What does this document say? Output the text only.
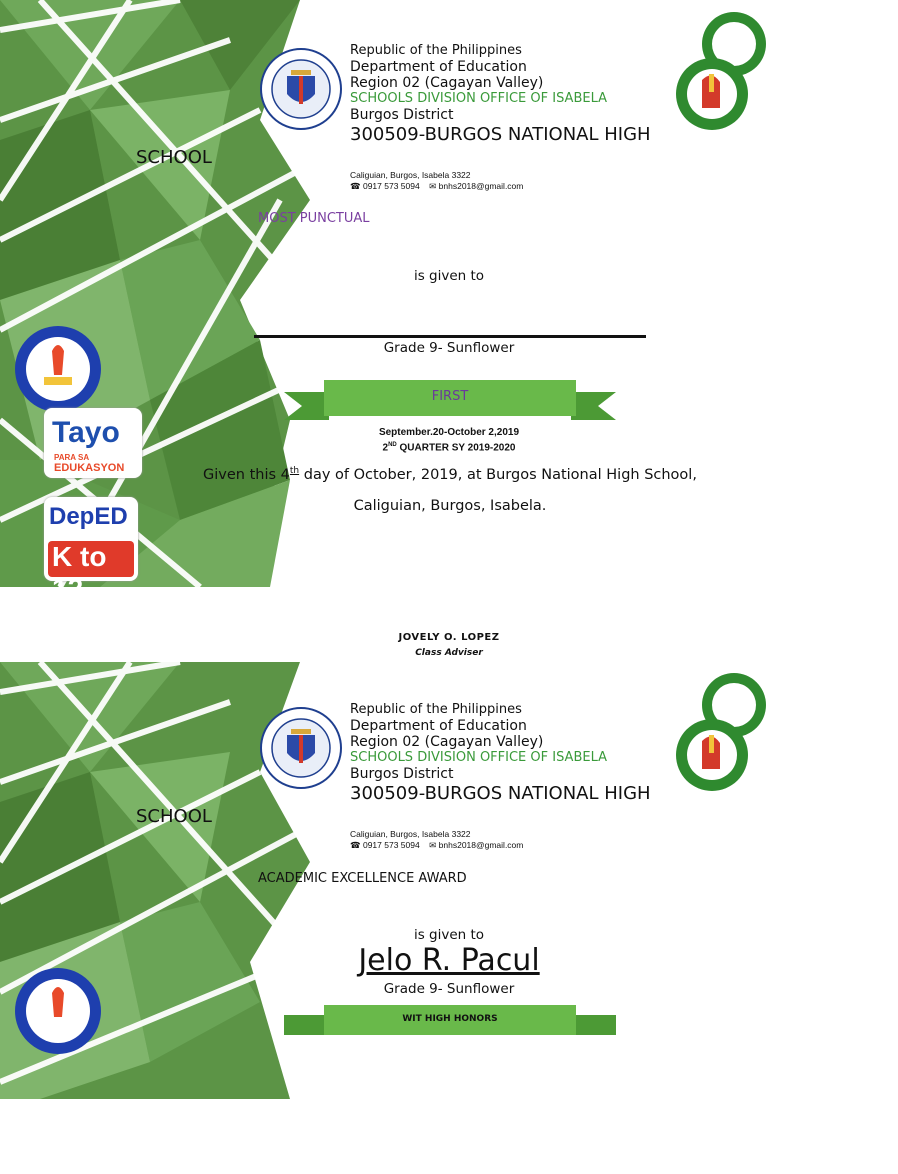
Republic of the Philippines
Department of Education
Region 02 (Cagayan Valley)
SCHOOLS DIVISION OFFICE OF ISABELA
Burgos District
300509-BURGOS NATIONAL HIGH
SCHOOL
Caliguian, Burgos, Isabela 3322
☎ 0917 573 5094 ✉ bnhs2018@gmail.com
MOST PUNCTUAL
is given to
Grade 9- Sunflower
FIRST
September.20-October 2,2019
2ND QUARTER SY 2019-2020
Given this 4th day of October, 2019, at Burgos National High School,
Caliguian, Burgos, Isabela.
Tayo
PARA SA
EDUKASYON
DepED
K to
JOVELY O. LOPEZ
Class Adviser
Republic of the Philippines
Department of Education
Region 02 (Cagayan Valley)
SCHOOLS DIVISION OFFICE OF ISABELA
Burgos District
300509-BURGOS NATIONAL HIGH
SCHOOL
Caliguian, Burgos, Isabela 3322
☎ 0917 573 5094 ✉ bnhs2018@gmail.com
ACADEMIC EXCELLENCE AWARD
is given to
Jelo R. Pacul
Grade 9- Sunflower
WIT HIGH HONORS
